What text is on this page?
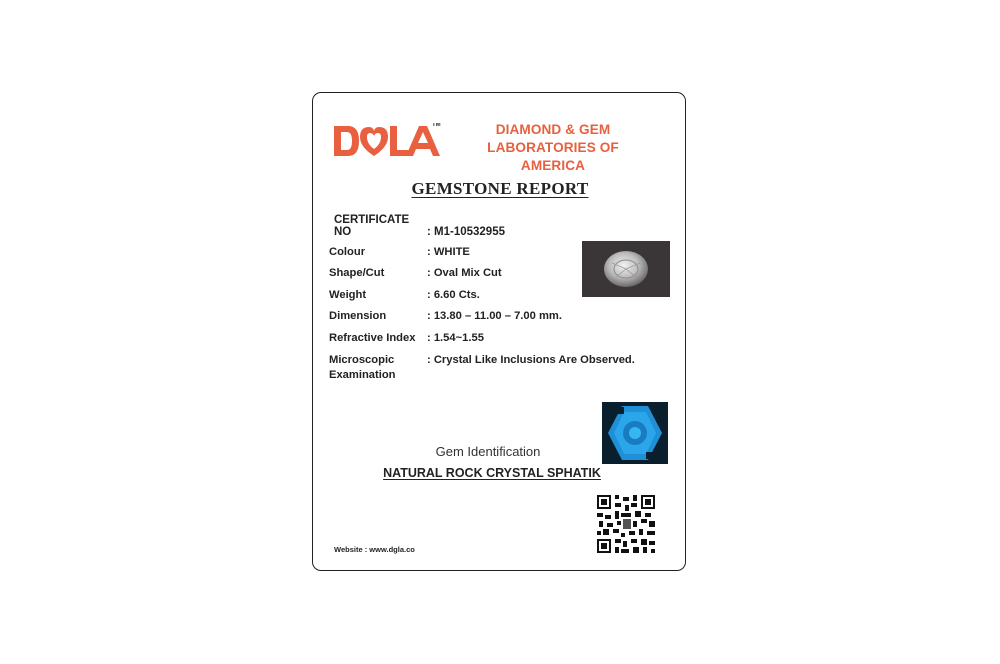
TM	DIAMOND & GEM
LABORATORIES OF AMERICA
GEMSTONE REPORT
CERTIFICATE NO	: M1-10532955
Colour	: WHITE
Shape/Cut	: Oval Mix Cut
Weight	: 6.60 Cts.
Dimension	: 13.80 – 11.00 – 7.00 mm.
Refractive Index	: 1.54~1.55
Microscopic Examination
: Crystal Like Inclusions Are Observed.
Gem Identification
NATURAL ROCK CRYSTAL SPHATIK
Website : www.dgla.co
